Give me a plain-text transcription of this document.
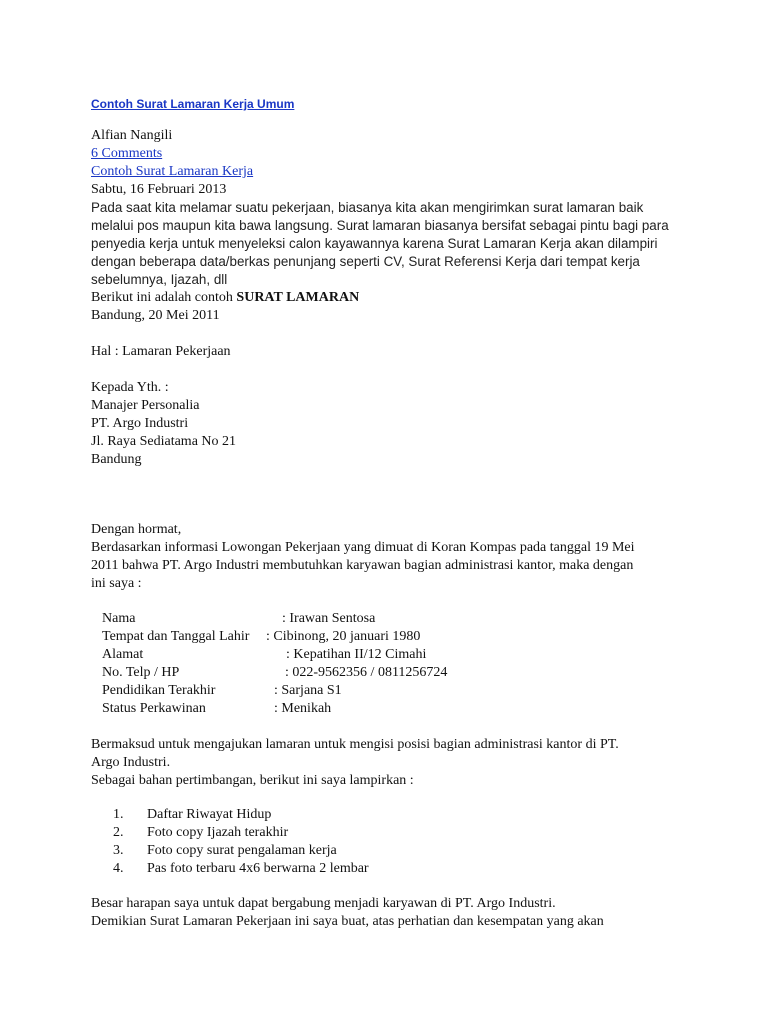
Contoh Surat Lamaran Kerja Umum
Alfian Nangili
6 Comments
Contoh Surat Lamaran Kerja
Sabtu, 16 Februari 2013
Pada saat kita melamar suatu pekerjaan, biasanya kita akan mengirimkan surat lamaran baik
melalui pos maupun kita bawa langsung. Surat lamaran biasanya bersifat sebagai pintu bagi para
penyedia kerja untuk menyeleksi calon kayawannya karena Surat Lamaran Kerja akan dilampiri
dengan beberapa data/berkas penunjang seperti CV, Surat Referensi Kerja dari tempat kerja
sebelumnya, Ijazah, dll
Berikut ini adalah contoh SURAT LAMARAN
Bandung, 20 Mei 2011
Hal : Lamaran Pekerjaan
Kepada Yth. :
Manajer Personalia
PT. Argo Industri
Jl. Raya Sediatama No 21
Bandung
Dengan hormat,
Berdasarkan informasi Lowongan Pekerjaan yang dimuat di Koran Kompas pada tanggal 19 Mei
2011 bahwa PT. Argo Industri membutuhkan karyawan bagian administrasi kantor, maka dengan
ini saya :
Nama	: Irawan Sentosa
Tempat dan Tanggal Lahir : Cibinong, 20 januari 1980
Alamat	: Kepatihan II/12 Cimahi
No. Telp / HP	: 022-9562356 / 0811256724
Pendidikan Terakhir	: Sarjana S1
Status Perkawinan	: Menikah
Bermaksud untuk mengajukan lamaran untuk mengisi posisi bagian administrasi kantor di PT.
Argo Industri.
Sebagai bahan pertimbangan, berikut ini saya lampirkan :
1. Daftar Riwayat Hidup
2. Foto copy Ijazah terakhir
3. Foto copy surat pengalaman kerja
4. Pas foto terbaru 4x6 berwarna 2 lembar
Besar harapan saya untuk dapat bergabung menjadi karyawan di PT. Argo Industri.
Demikian Surat Lamaran Pekerjaan ini saya buat, atas perhatian dan kesempatan yang akan
